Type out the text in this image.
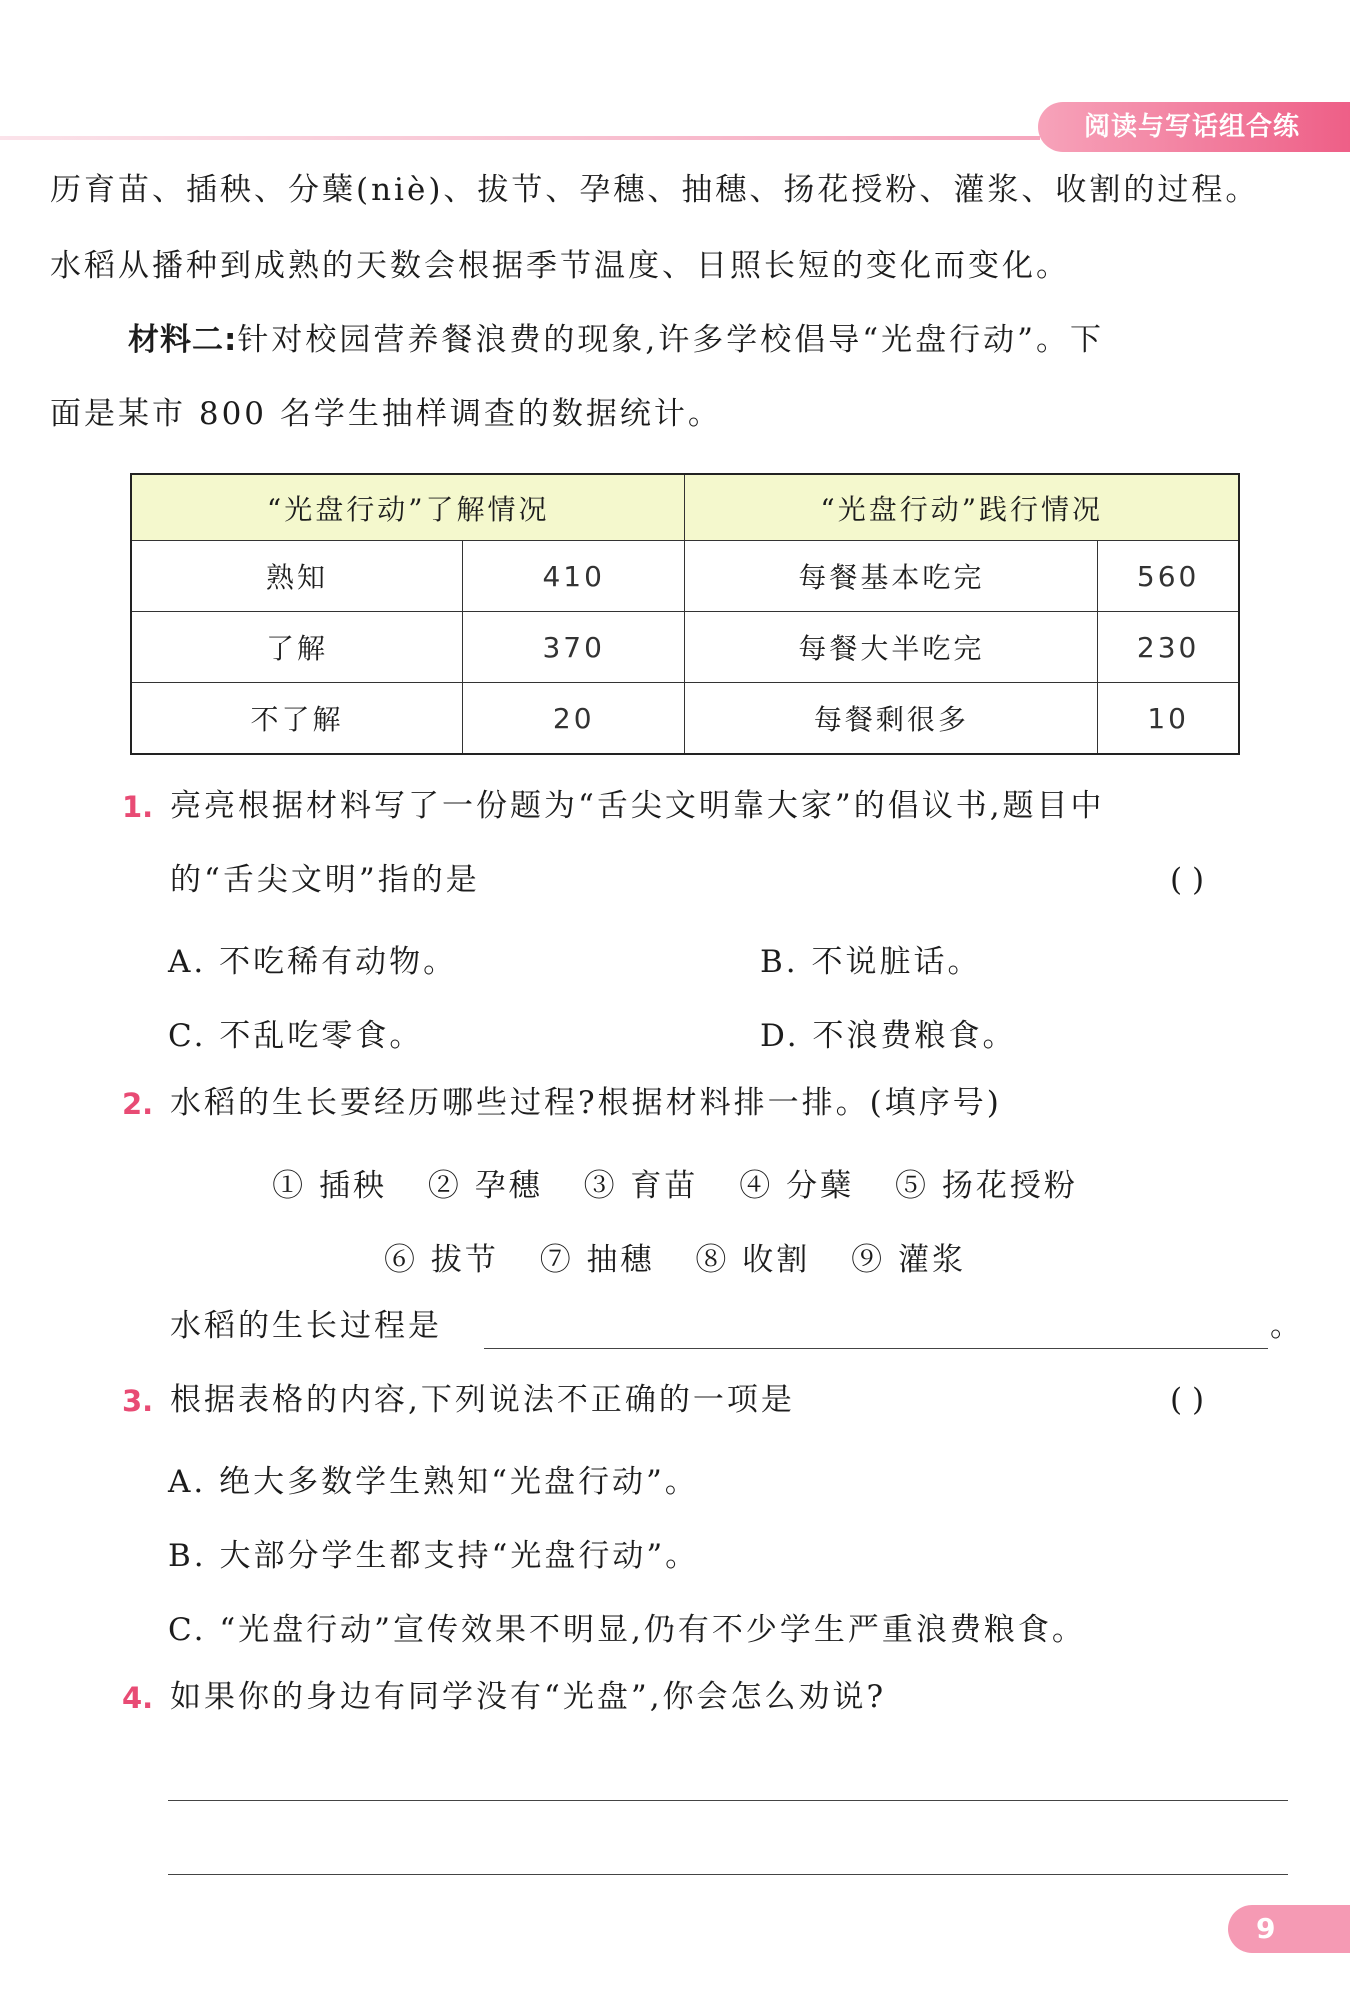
阅读与写话组合练
历育苗、插秧、分蘖(niè)、拔节、孕穗、抽穗、扬花授粉、灌浆、收割的过程。
水稻从播种到成熟的天数会根据季节温度、日照长短的变化而变化。
材料二:针对校园营养餐浪费的现象,许多学校倡导“光盘行动”。下
面是某市 800 名学生抽样调查的数据统计。
“光盘行动”了解情况		“光盘行动”践行情况	
熟知	410	每餐基本吃完	560
了解	370	每餐大半吃完	230
不了解	20	每餐剩很多	10
1. 亮亮根据材料写了一份题为“舌尖文明靠大家”的倡议书,题目中
的“舌尖文明”指的是	( )
A. 不吃稀有动物。	B. 不说脏话。
C. 不乱吃零食。	D. 不浪费粮食。
2. 水稻的生长要经历哪些过程?根据材料排一排。(填序号)
① 插秧 ② 孕穗 ③ 育苗 ④ 分蘖 ⑤ 扬花授粉
⑥ 拔节 ⑦ 抽穗 ⑧ 收割 ⑨ 灌浆
水稻的生长过程是	。
3. 根据表格的内容,下列说法不正确的一项是	( )
A. 绝大多数学生熟知“光盘行动”。
B. 大部分学生都支持“光盘行动”。
C. “光盘行动”宣传效果不明显,仍有不少学生严重浪费粮食。
4. 如果你的身边有同学没有“光盘”,你会怎么劝说?
9
